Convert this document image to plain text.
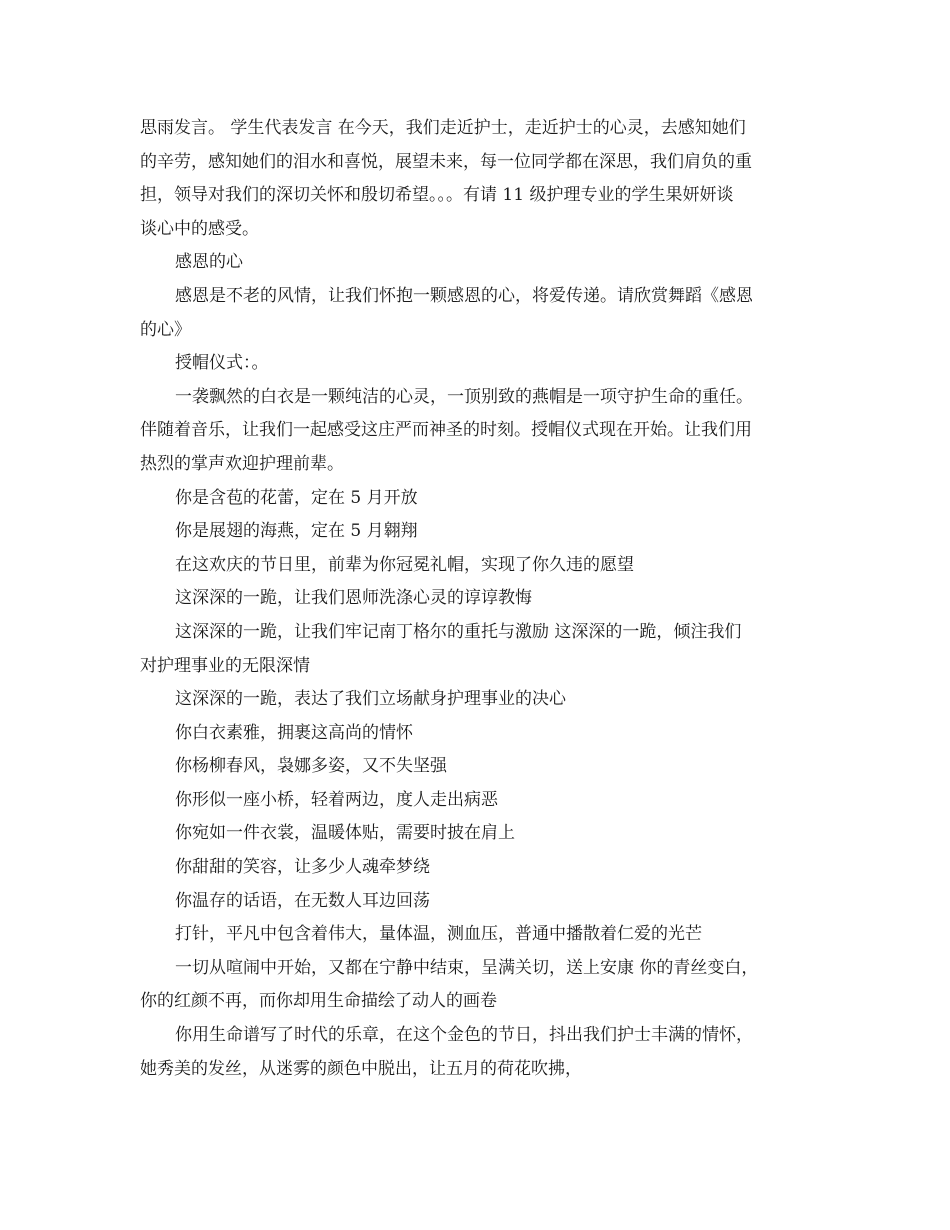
思雨发言。 学生代表发言 在今天，我们走近护士，走近护士的心灵，去感知她们
的辛劳，感知她们的泪水和喜悦，展望未来，每一位同学都在深思，我们肩负的重
担，领导对我们的深切关怀和殷切希望。。。有请 11 级护理专业的学生果妍妍谈
谈心中的感受。
感恩的心
感恩是不老的风情，让我们怀抱一颗感恩的心，将爱传递。请欣赏舞蹈《感恩
的心》
授帽仪式：。
一袭飘然的白衣是一颗纯洁的心灵，一顶别致的燕帽是一项守护生命的重任。
伴随着音乐，让我们一起感受这庄严而神圣的时刻。授帽仪式现在开始。让我们用
热烈的掌声欢迎护理前辈。
你是含苞的花蕾，定在 5 月开放
你是展翅的海燕，定在 5 月翱翔
在这欢庆的节日里，前辈为你冠冕礼帽，实现了你久违的愿望
这深深的一跪，让我们恩师洗涤心灵的谆谆教悔
这深深的一跪，让我们牢记南丁格尔的重托与激励 这深深的一跪，倾注我们
对护理事业的无限深情
这深深的一跪，表达了我们立场献身护理事业的决心
你白衣素雅，拥裹这高尚的情怀
你杨柳春风，袅娜多姿，又不失坚强
你形似一座小桥，轻着两边，度人走出病恶
你宛如一件衣裳，温暖体贴，需要时披在肩上
你甜甜的笑容，让多少人魂牵梦绕
你温存的话语，在无数人耳边回荡
打针，平凡中包含着伟大，量体温，测血压，普通中播散着仁爱的光芒
一切从喧闹中开始，又都在宁静中结束，呈满关切，送上安康 你的青丝变白，
你的红颜不再，而你却用生命描绘了动人的画卷
你用生命谱写了时代的乐章，在这个金色的节日，抖出我们护士丰满的情怀，
她秀美的发丝，从迷雾的颜色中脱出，让五月的荷花吹拂，
